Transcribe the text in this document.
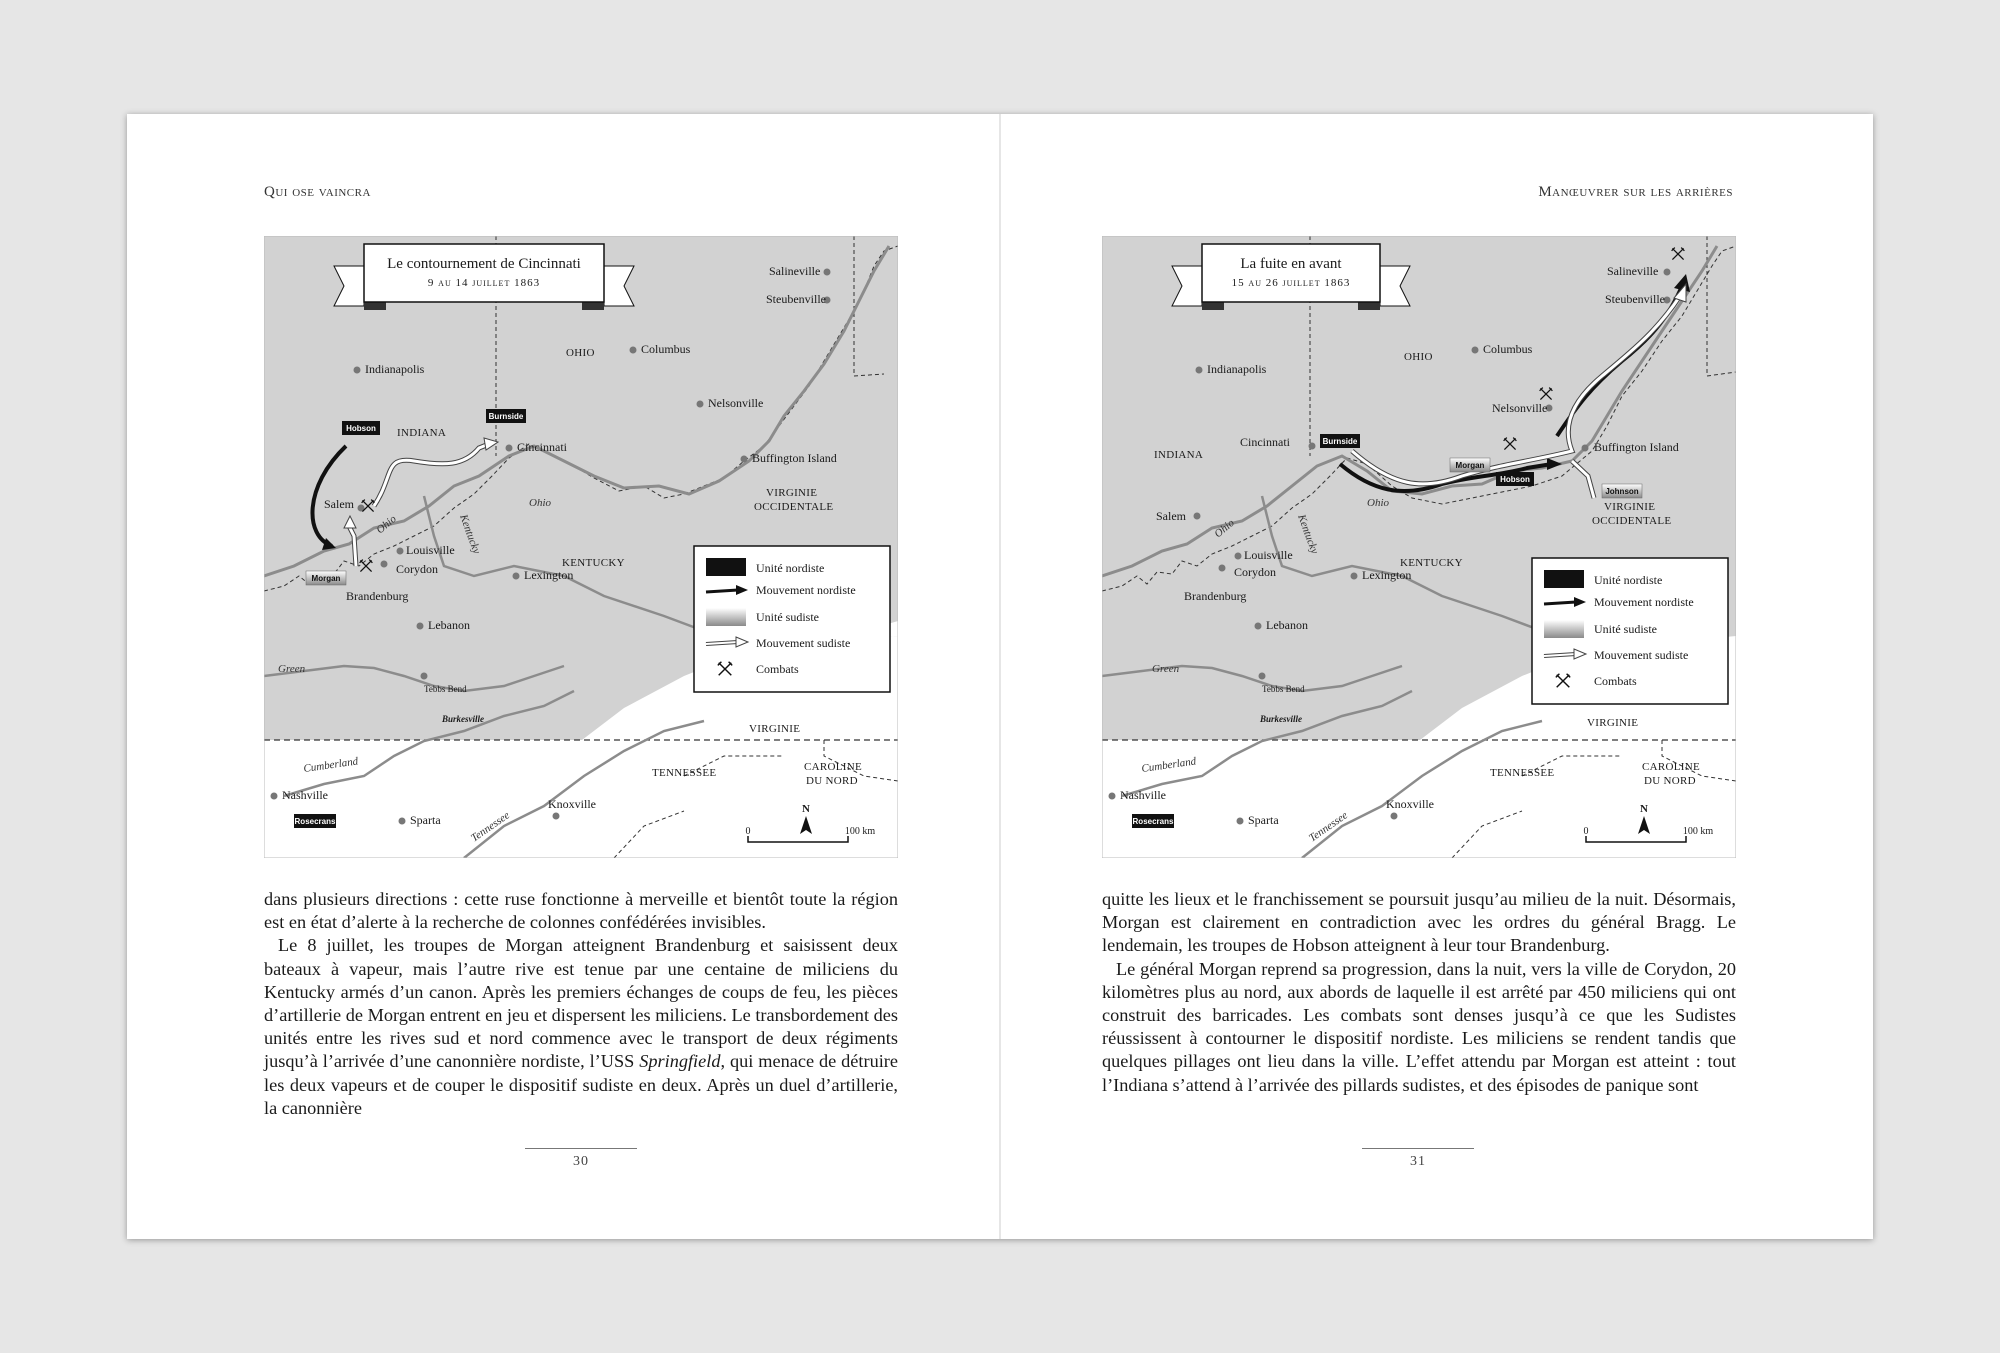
Qui ose vaincra
Le contournement de Cincinnati
9 au 14 juillet 1863
OHIO
INDIANA
KENTUCKY
VIRGINIE
OCCIDENTALE
VIRGINIE
TENNESSEE	CAROLINE
DU NORD
Salineville
Steubenville
Columbus
Indianapolis
Nelsonville
Cincinnati
Buffington Island
Salem
Louisville
Corydon
Brandenburg
Lexington
Lebanon
Tebbs Bend
Burkesville
Nashville
Sparta
Knoxville
Ohio
Ohio
Kentucky
Green
Cumberland
Tennessee
Hobson
Burnside
Morgan
Rosecrans
Unité nordiste
Mouvement nordiste
Unité sudiste
Mouvement sudiste
Combats
N
0	100 km

dans plusieurs directions : cette ruse fonctionne à merveille et bientôt toute la région est en état d’alerte à la recherche de colonnes confédérées invisibles.

Le 8 juillet, les troupes de Morgan atteignent Brandenburg et saisissent deux bateaux à vapeur, mais l’autre rive est tenue par une centaine de miliciens du Kentucky armés d’un canon. Après les premiers échanges de coups de feu, les pièces d’artillerie de Morgan entrent en jeu et dispersent les miliciens. Le transbordement des unités entre les rives sud et nord commence avec le transport de deux régiments jusqu’à l’arrivée d’une canonnière nordiste, l’USS Springfield, qui menace de détruire les deux vapeurs et de couper le dispositif sudiste en deux. Après un duel d’artillerie, la canonnière

30
Manœuvrer sur les arrières
La fuite en avant
15 au 26 juillet 1863
OHIO
INDIANA
KENTUCKY
VIRGINIE
OCCIDENTALE
VIRGINIE
TENNESSEE	CAROLINE
DU NORD
Salineville
Steubenville
Columbus
Indianapolis
Nelsonville
Cincinnati	Buffington Island
Salem
Louisville
Corydon
Brandenburg
Lexington
Lebanon
Tebbs Bend
Burkesville
Nashville
Sparta
Knoxville
Ohio
Ohio
Kentucky
Green
Cumberland
Tennessee
Burnside
Morgan
Hobson
Johnson
Rosecrans
Unité nordiste
Mouvement nordiste
Unité sudiste
Mouvement sudiste
Combats
N
0	100 km

quitte les lieux et le franchissement se poursuit jusqu’au milieu de la nuit. Désormais, Morgan est clairement en contradiction avec les ordres du général Bragg. Le lendemain, les troupes de Hobson atteignent à leur tour Brandenburg.

Le général Morgan reprend sa progression, dans la nuit, vers la ville de Corydon, 20 kilomètres plus au nord, aux abords de laquelle il est arrêté par 450 miliciens qui ont construit des barricades. Les combats sont denses jusqu’à ce que les Sudistes réussissent à contourner le dispositif nordiste. Les miliciens se rendent tandis que quelques pillages ont lieu dans la ville. L’effet attendu par Morgan est atteint : tout l’Indiana s’attend à l’arrivée des pillards sudistes, et des épisodes de panique sont

31
